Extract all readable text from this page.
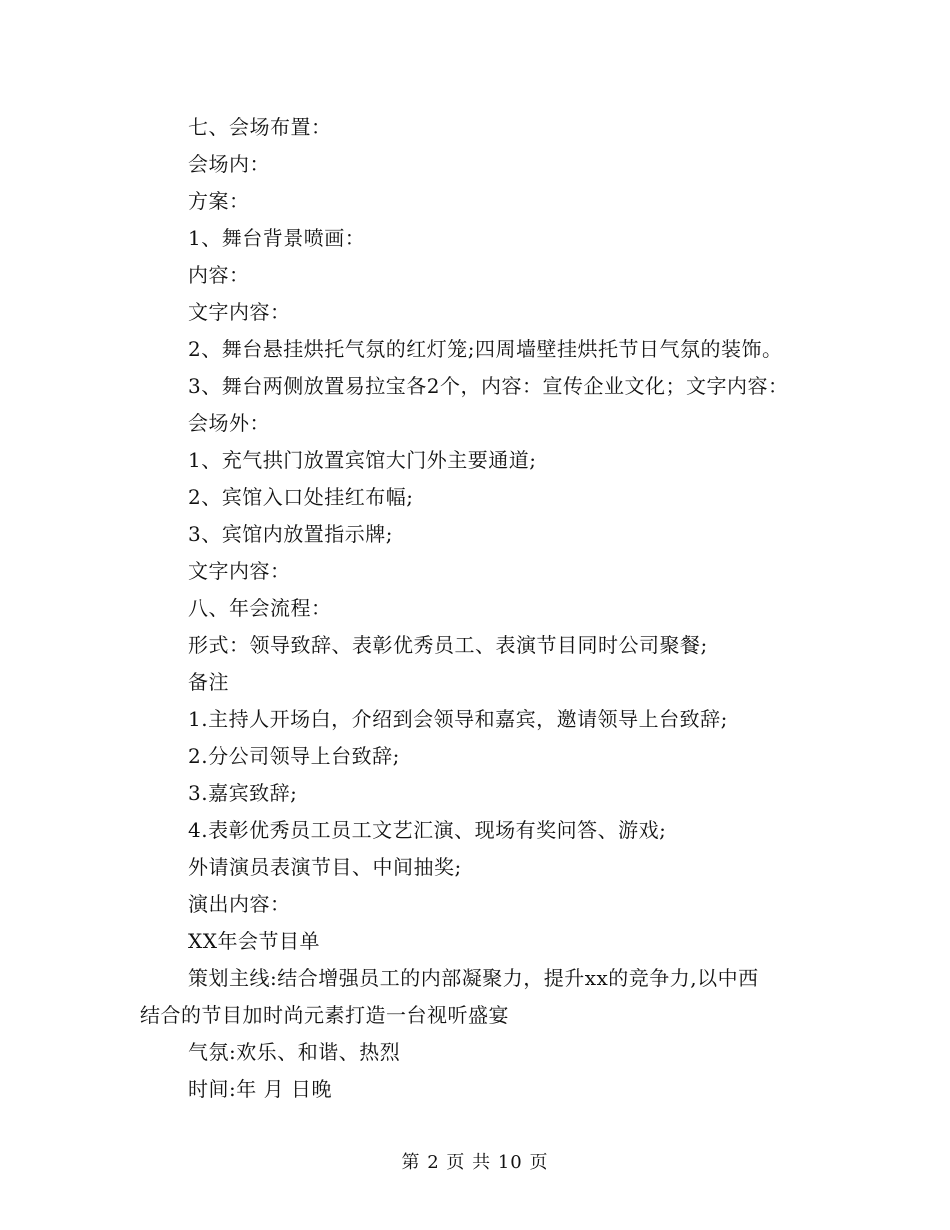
七、会场布置：
会场内：
方案：
1、舞台背景喷画：
内容：
文字内容：
2、舞台悬挂烘托气氛的红灯笼;四周墙壁挂烘托节日气氛的装饰。
3、舞台两侧放置易拉宝各2个，内容：宣传企业文化；文字内容：
会场外：
1、充气拱门放置宾馆大门外主要通道;
2、宾馆入口处挂红布幅;
3、宾馆内放置指示牌;
文字内容：
八、年会流程：
形式：领导致辞、表彰优秀员工、表演节目同时公司聚餐;
备注
1.主持人开场白，介绍到会领导和嘉宾，邀请领导上台致辞;
2.分公司领导上台致辞;
3.嘉宾致辞;
4.表彰优秀员工员工文艺汇演、现场有奖问答、游戏;
外请演员表演节目、中间抽奖;
演出内容：
XX年会节目单
策划主线:结合增强员工的内部凝聚力，提升xx的竞争力,以中西
结合的节目加时尚元素打造一台视听盛宴
气氛:欢乐、和谐、热烈
时间:年 月 日晚
第 2 页 共 10 页
